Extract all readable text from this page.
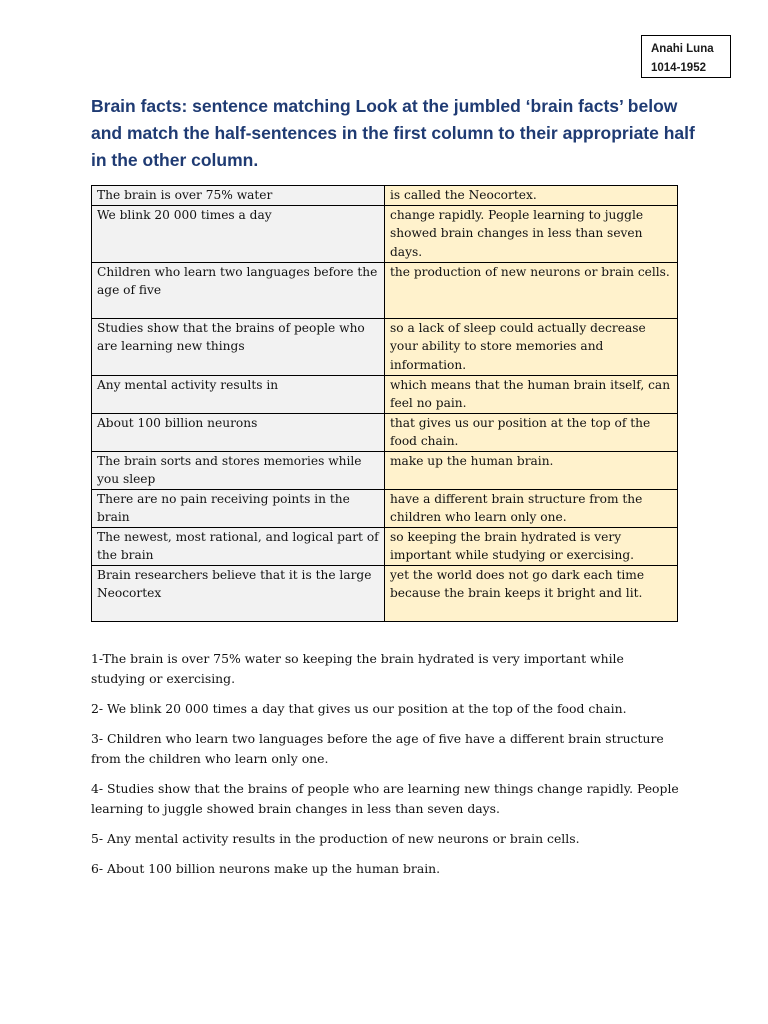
Anahi Luna
1014-1952
Brain facts: sentence matching Look at the jumbled ‘brain facts’ below and match the half-sentences in the first column to their appropriate half in the other column.
The brain is over 75% water	is called the Neocortex.
We blink 20 000 times a day	change rapidly. People learning to juggle showed brain changes in less than seven days.
Children who learn two languages before the age of five	the production of new neurons or brain cells.
Studies show that the brains of people who are learning new things	so a lack of sleep could actually decrease your ability to store memories and information.
Any mental activity results in	which means that the human brain itself, can feel no pain.
About 100 billion neurons	that gives us our position at the top of the food chain.
The brain sorts and stores memories while you sleep	make up the human brain.
There are no pain receiving points in the brain	have a different brain structure from the children who learn only one.
The newest, most rational, and logical part of the brain	so keeping the brain hydrated is very important while studying or exercising.
Brain researchers believe that it is the large Neocortex	yet the world does not go dark each time because the brain keeps it bright and lit.

1-The brain is over 75% water so keeping the brain hydrated is very important while studying or exercising.

2- We blink 20 000 times a day that gives us our position at the top of the food chain.

3- Children who learn two languages before the age of five have a different brain structure from the children who learn only one.

4- Studies show that the brains of people who are learning new things change rapidly. People learning to juggle showed brain changes in less than seven days.

5- Any mental activity results in the production of new neurons or brain cells.

6- About 100 billion neurons make up the human brain.
